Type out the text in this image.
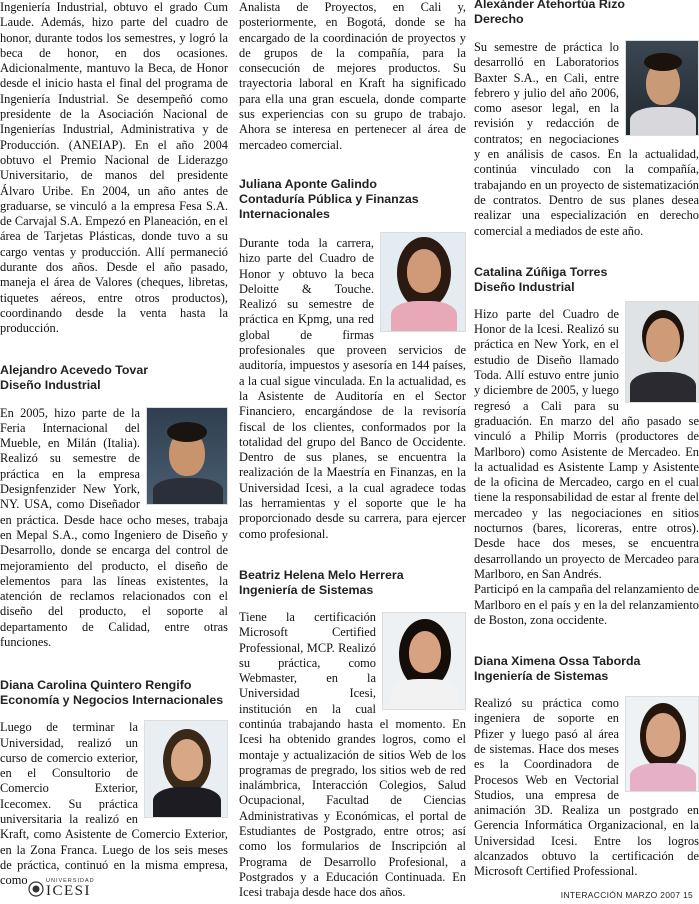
Ingeniería Industrial, obtuvo el grado Cum Laude. Además, hizo parte del cuadro de honor, durante todos los semestres, y logró la beca de honor, en dos ocasiones. Adicionalmente, mantuvo la Beca, de Honor desde el inicio hasta el final del programa de Ingeniería Industrial. Se desempeñó como presidente de la Asociación Nacional de Ingenierías Industrial, Administrativa y de Producción. (ANEIAP). En el año 2004 obtuvo el Premio Nacional de Liderazgo Universitario, de manos del presidente Álvaro Uribe. En 2004, un año antes de graduarse, se vinculó a la empresa Fesa S.A. de Carvajal S.A. Empezó en Planeación, en el área de Tarjetas Plásticas, donde tuvo a su cargo ventas y producción. Allí permaneció durante dos años. Desde el año pasado, maneja el área de Valores (cheques, libretas, tiquetes aéreos, entre otros productos), coordinando desde la venta hasta la producción.

Alejandro Acevedo Tovar

Diseño Industrial

En 2005, hizo parte de la Feria Internacional del Mueble, en Milán (Italia). Realizó su semestre de práctica en la empresa Designfenzider New York, NY. USA, como Diseñador en práctica. Desde hace ocho meses, trabaja en Mepal S.A., como Ingeniero de Diseño y Desarrollo, donde se encarga del control de mejoramiento del producto, el diseño de elementos para las líneas existentes, la atención de reclamos relacionados con el diseño del producto, el soporte al departamento de Calidad, entre otras funciones.

Diana Carolina Quintero Rengifo

Economía y Negocios Internacionales

Luego de terminar la Universidad, realizó un curso de comercio exterior, en el Consultorio de Comercio Exterior, Icecomex. Su práctica universitaria la realizó en Kraft, como Asistente de Comercio Exterior, en la Zona Franca. Luego de los seis meses de práctica, continuó en la misma empresa, como

Analista de Proyectos, en Cali y, posteriormente, en Bogotá, donde se ha encargado de la coordinación de proyectos y de grupos de la compañía, para la consecución de mejores productos. Su trayectoria laboral en Kraft ha significado para ella una gran escuela, donde comparte sus experiencias con su grupo de trabajo. Ahora se interesa en pertenecer al área de mercadeo comercial.

Juliana Aponte Galindo

Contaduría Pública y Finanzas Internacionales

Durante toda la carrera, hizo parte del Cuadro de Honor y obtuvo la beca Deloitte & Touche. Realizó su semestre de práctica en Kpmg, una red global de firmas profesionales que proveen servicios de auditoría, impuestos y asesoría en 144 países, a la cual sigue vinculada. En la actualidad, es la Asistente de Auditoría en el Sector Financiero, encargándose de la revisoría fiscal de los clientes, conformados por la totalidad del grupo del Banco de Occidente. Dentro de sus planes, se encuentra la realización de la Maestría en Finanzas, en la Universidad Icesi, a la cual agradece todas las herramientas y el soporte que le ha proporcionado desde su carrera, para ejercer como profesional.

Beatriz Helena Melo Herrera

Ingeniería de Sistemas

Tiene la certificación Microsoft Certified Professional, MCP. Realizó su práctica, como Webmaster, en la Universidad Icesi, institución en la cual continúa trabajando hasta el momento. En Icesi ha obtenido grandes logros, como el montaje y actualización de sitios Web de los programas de pregrado, los sitios web de red inalámbrica, Interacción Colegios, Salud Ocupacional, Facultad de Ciencias Administrativas y Económicas, el portal de Estudiantes de Postgrado, entre otros; así como los formularios de Inscripción al Programa de Desarrollo Profesional, a Postgrados y a Educación Continuada. En Icesi trabaja desde hace dos años.

Alexánder Atehortúa Rizo

Derecho

Su semestre de práctica lo desarrolló en Laboratorios Baxter S.A., en Cali, entre febrero y julio del año 2006, como asesor legal, en la revisión y redacción de contratos; en negociaciones y en análisis de casos. En la actualidad, continúa vinculado con la compañía, trabajando en un proyecto de sistematización de contratos. Dentro de sus planes desea realizar una especialización en derecho comercial a mediados de este año.

Catalina Zúñiga Torres

Diseño Industrial

Hizo parte del Cuadro de Honor de la Icesi. Realizó su práctica en New York, en el estudio de Diseño llamado Toda. Allí estuvo entre junio y diciembre de 2005, y luego regresó a Cali para su graduación. En marzo del año pasado se vinculó a Philip Morris (productores de Marlboro) como Asistente de Mercadeo. En la actualidad es Asistente Lamp y Asistente de la oficina de Mercadeo, cargo en el cual tiene la responsabilidad de estar al frente del mercadeo y las negociaciones en sitios nocturnos (bares, licoreras, entre otros). Desde hace dos meses, se encuentra desarrollando un proyecto de Mercadeo para Marlboro, en San Andrés.

Participó en la campaña del relanzamiento de Marlboro en el país y en la del relanzamiento de Boston, zona occidente.

Diana Ximena Ossa Taborda

Ingeniería de Sistemas

Realizó su práctica como ingeniera de soporte en Pfizer y luego pasó al área de sistemas. Hace dos meses es la Coordinadora de Procesos Web en Vectorial Studios, una empresa de animación 3D. Realiza un postgrado en Gerencia Informática Organizacional, en la Universidad Icesi. Entre los logros alcanzados obtuvo la certificación de Microsoft Certified Professional.

UNIVERSIDAD
ICESI	INTERACCIÓN MARZO 2007 15
